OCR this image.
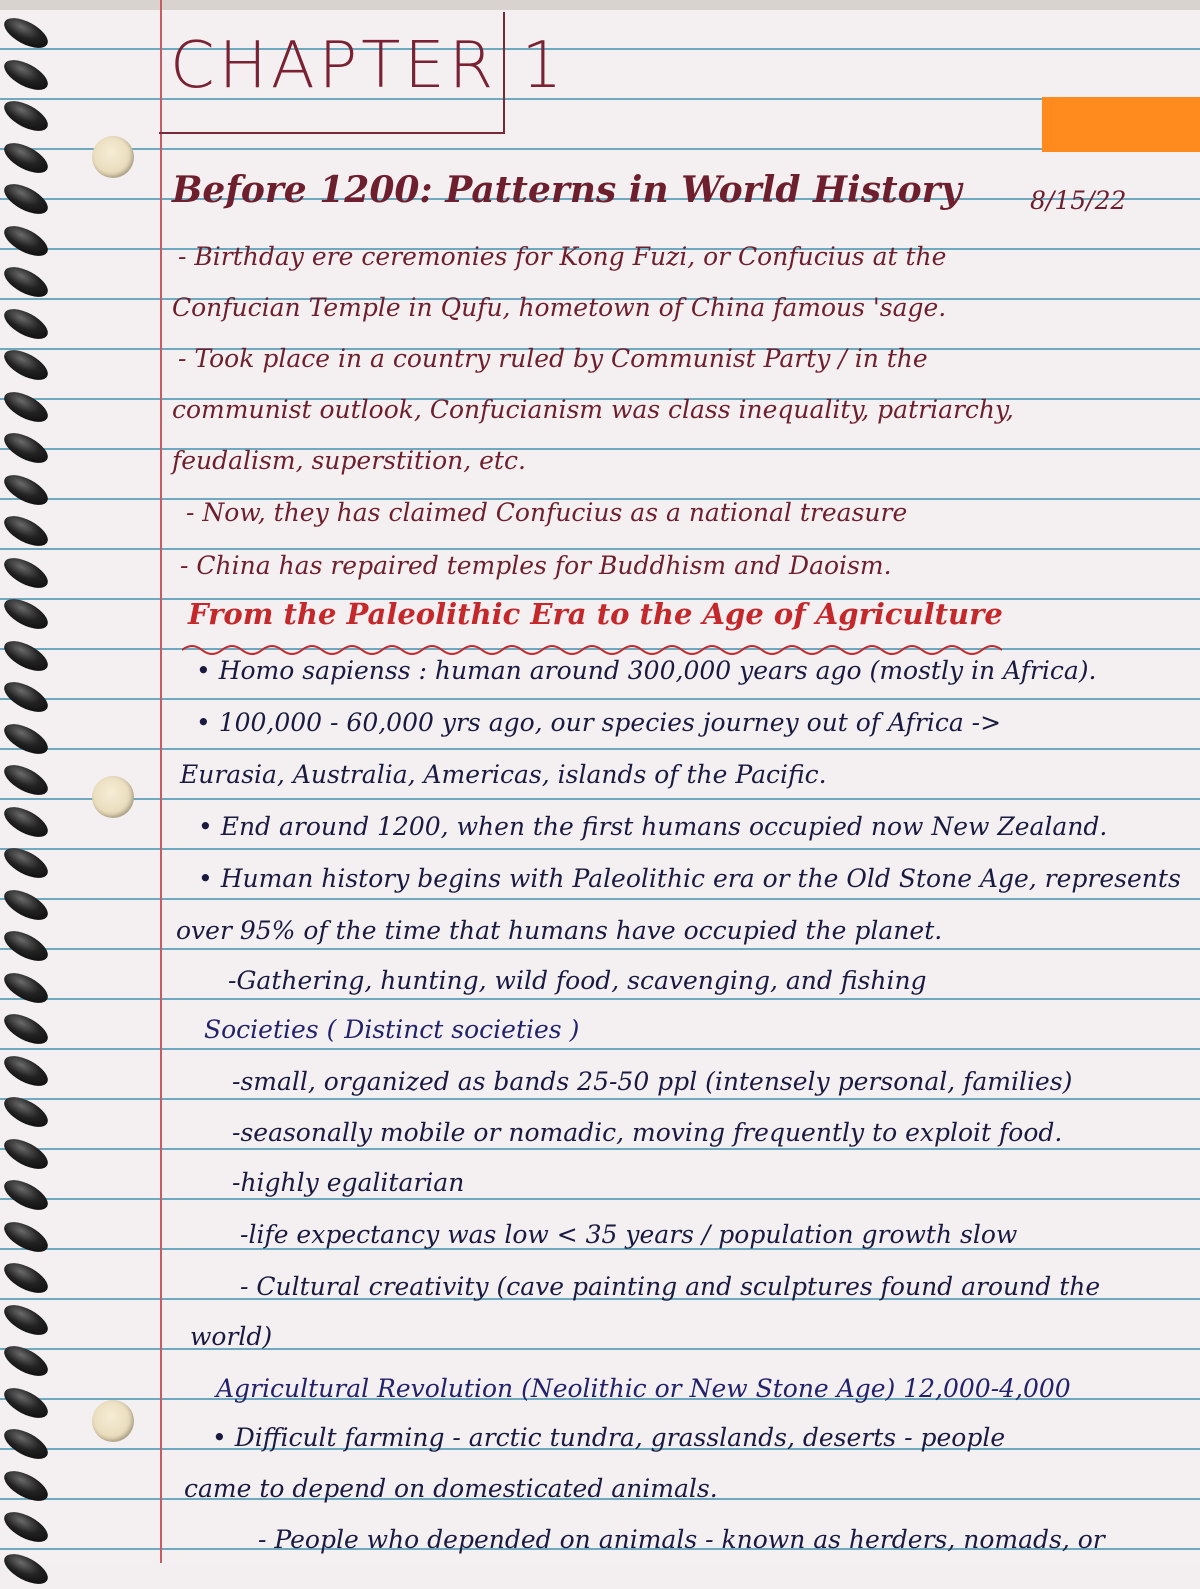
CHAPTER 1
Before 1200: Patterns in World History	8/15/22
- Birthday ere ceremonies for Kong Fuzi, or Confucius at the
Confucian Temple in Qufu, hometown of China famous 'sage.
- Took place in a country ruled by Communist Party / in the
communist outlook, Confucianism was class inequality, patriarchy,
feudalism, superstition, etc.
- Now, they has claimed Confucius as a national treasure
- China has repaired temples for Buddhism and Daoism.
From the Paleolithic Era to the Age of Agriculture
• Homo sapienss : human around 300,000 years ago (mostly in Africa).
• 100,000 - 60,000 yrs ago, our species journey out of Africa ->
Eurasia, Australia, Americas, islands of the Pacific.
• End around 1200, when the first humans occupied now New Zealand.
• Human history begins with Paleolithic era or the Old Stone Age, represents
over 95% of the time that humans have occupied the planet.
-Gathering, hunting, wild food, scavenging, and fishing
Societies ( Distinct societies )
-small, organized as bands 25-50 ppl (intensely personal, families)
-seasonally mobile or nomadic, moving frequently to exploit food.
-highly egalitarian
-life expectancy was low < 35 years / population growth slow
- Cultural creativity (cave painting and sculptures found around the
world)
Agricultural Revolution (Neolithic or New Stone Age) 12,000-4,000
• Difficult farming - arctic tundra, grasslands, deserts - people
came to depend on domesticated animals.
- People who depended on animals - known as herders, nomads, or
